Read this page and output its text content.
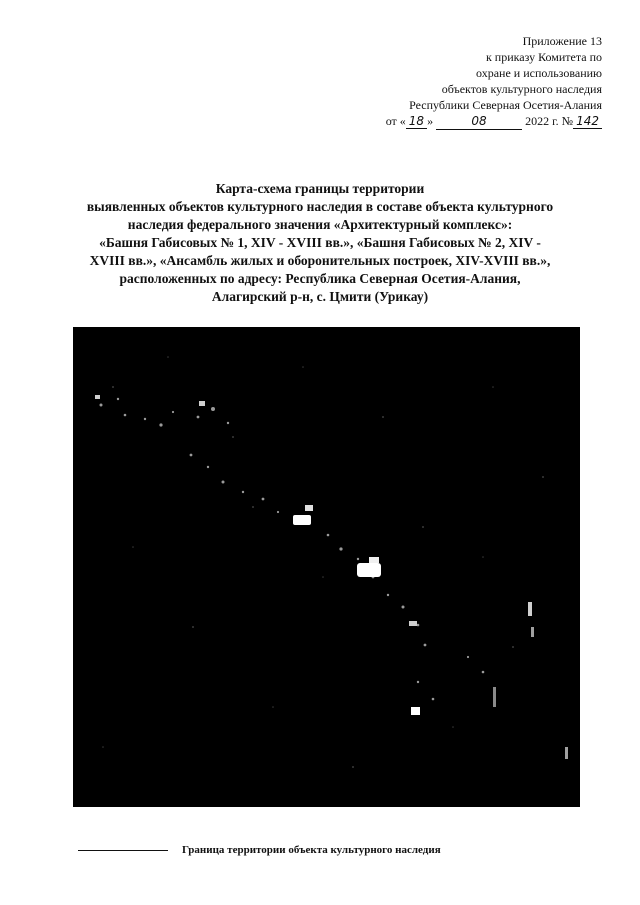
Приложение 13
к приказу Комитета по
охране и использованию
объектов культурного наследия
Республики Северная Осетия-Алания
от « 18 »	08	2022 г. № 142
Карта-схема границы территории
выявленных объектов культурного наследия в составе объекта культурного
наследия федерального значения «Архитектурный комплекс»:
«Башня Габисовых № 1, XIV - XVIII вв.», «Башня Габисовых № 2, XIV -
XVIII вв.», «Ансамбль жилых и оборонительных построек, XIV-XVIII вв.»,
расположенных по адресу: Республика Северная Осетия-Алания,
Алагирский р-н, с. Цмити (Урикау)
Граница территории объекта культурного наследия
